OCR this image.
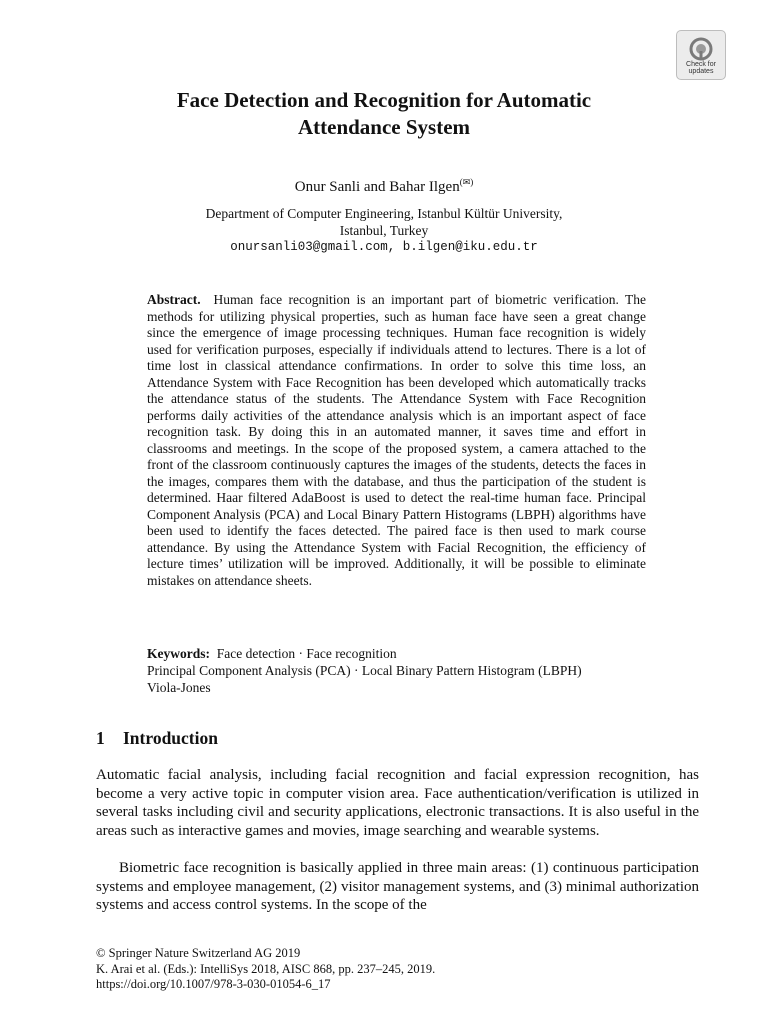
Check for
updates
Face Detection and Recognition for Automatic
Attendance System
Onur Sanli and Bahar Ilgen(✉)
Department of Computer Engineering, Istanbul Kültür University,
Istanbul, Turkey
onursanli03@gmail.com, b.ilgen@iku.edu.tr

Abstract. Human face recognition is an important part of biometric verification. The methods for utilizing physical properties, such as human face have seen a great change since the emergence of image processing techniques. Human face recognition is widely used for verification purposes, especially if individuals attend to lectures. There is a lot of time lost in classical attendance confirmations. In order to solve this time loss, an Attendance System with Face Recognition has been developed which automatically tracks the attendance status of the students. The Attendance System with Face Recognition performs daily activities of the attendance analysis which is an important aspect of face recognition task. By doing this in an automated manner, it saves time and effort in classrooms and meetings. In the scope of the proposed system, a camera attached to the front of the classroom continuously captures the images of the students, detects the faces in the images, compares them with the database, and thus the participation of the student is determined. Haar filtered AdaBoost is used to detect the real-time human face. Principal Component Analysis (PCA) and Local Binary Pattern Histograms (LBPH) algorithms have been used to identify the faces detected. The paired face is then used to mark course attendance. By using the Attendance System with Facial Recognition, the efficiency of lecture times’ utilization will be improved. Additionally, it will be possible to eliminate mistakes on attendance sheets.

Keywords: Face detection · Face recognition
Principal Component Analysis (PCA) · Local Binary Pattern Histogram (LBPH)
Viola-Jones
1 Introduction

Automatic facial analysis, including facial recognition and facial expression recognition, has become a very active topic in computer vision area. Face authentication/verification is utilized in several tasks including civil and security applications, electronic transactions. It is also useful in the areas such as interactive games and movies, image searching and wearable systems.

Biometric face recognition is basically applied in three main areas: (1) continuous participation systems and employee management, (2) visitor management systems, and (3) minimal authorization systems and access control systems. In the scope of the

© Springer Nature Switzerland AG 2019
K. Arai et al. (Eds.): IntelliSys 2018, AISC 868, pp. 237–245, 2019.
https://doi.org/10.1007/978-3-030-01054-6_17
